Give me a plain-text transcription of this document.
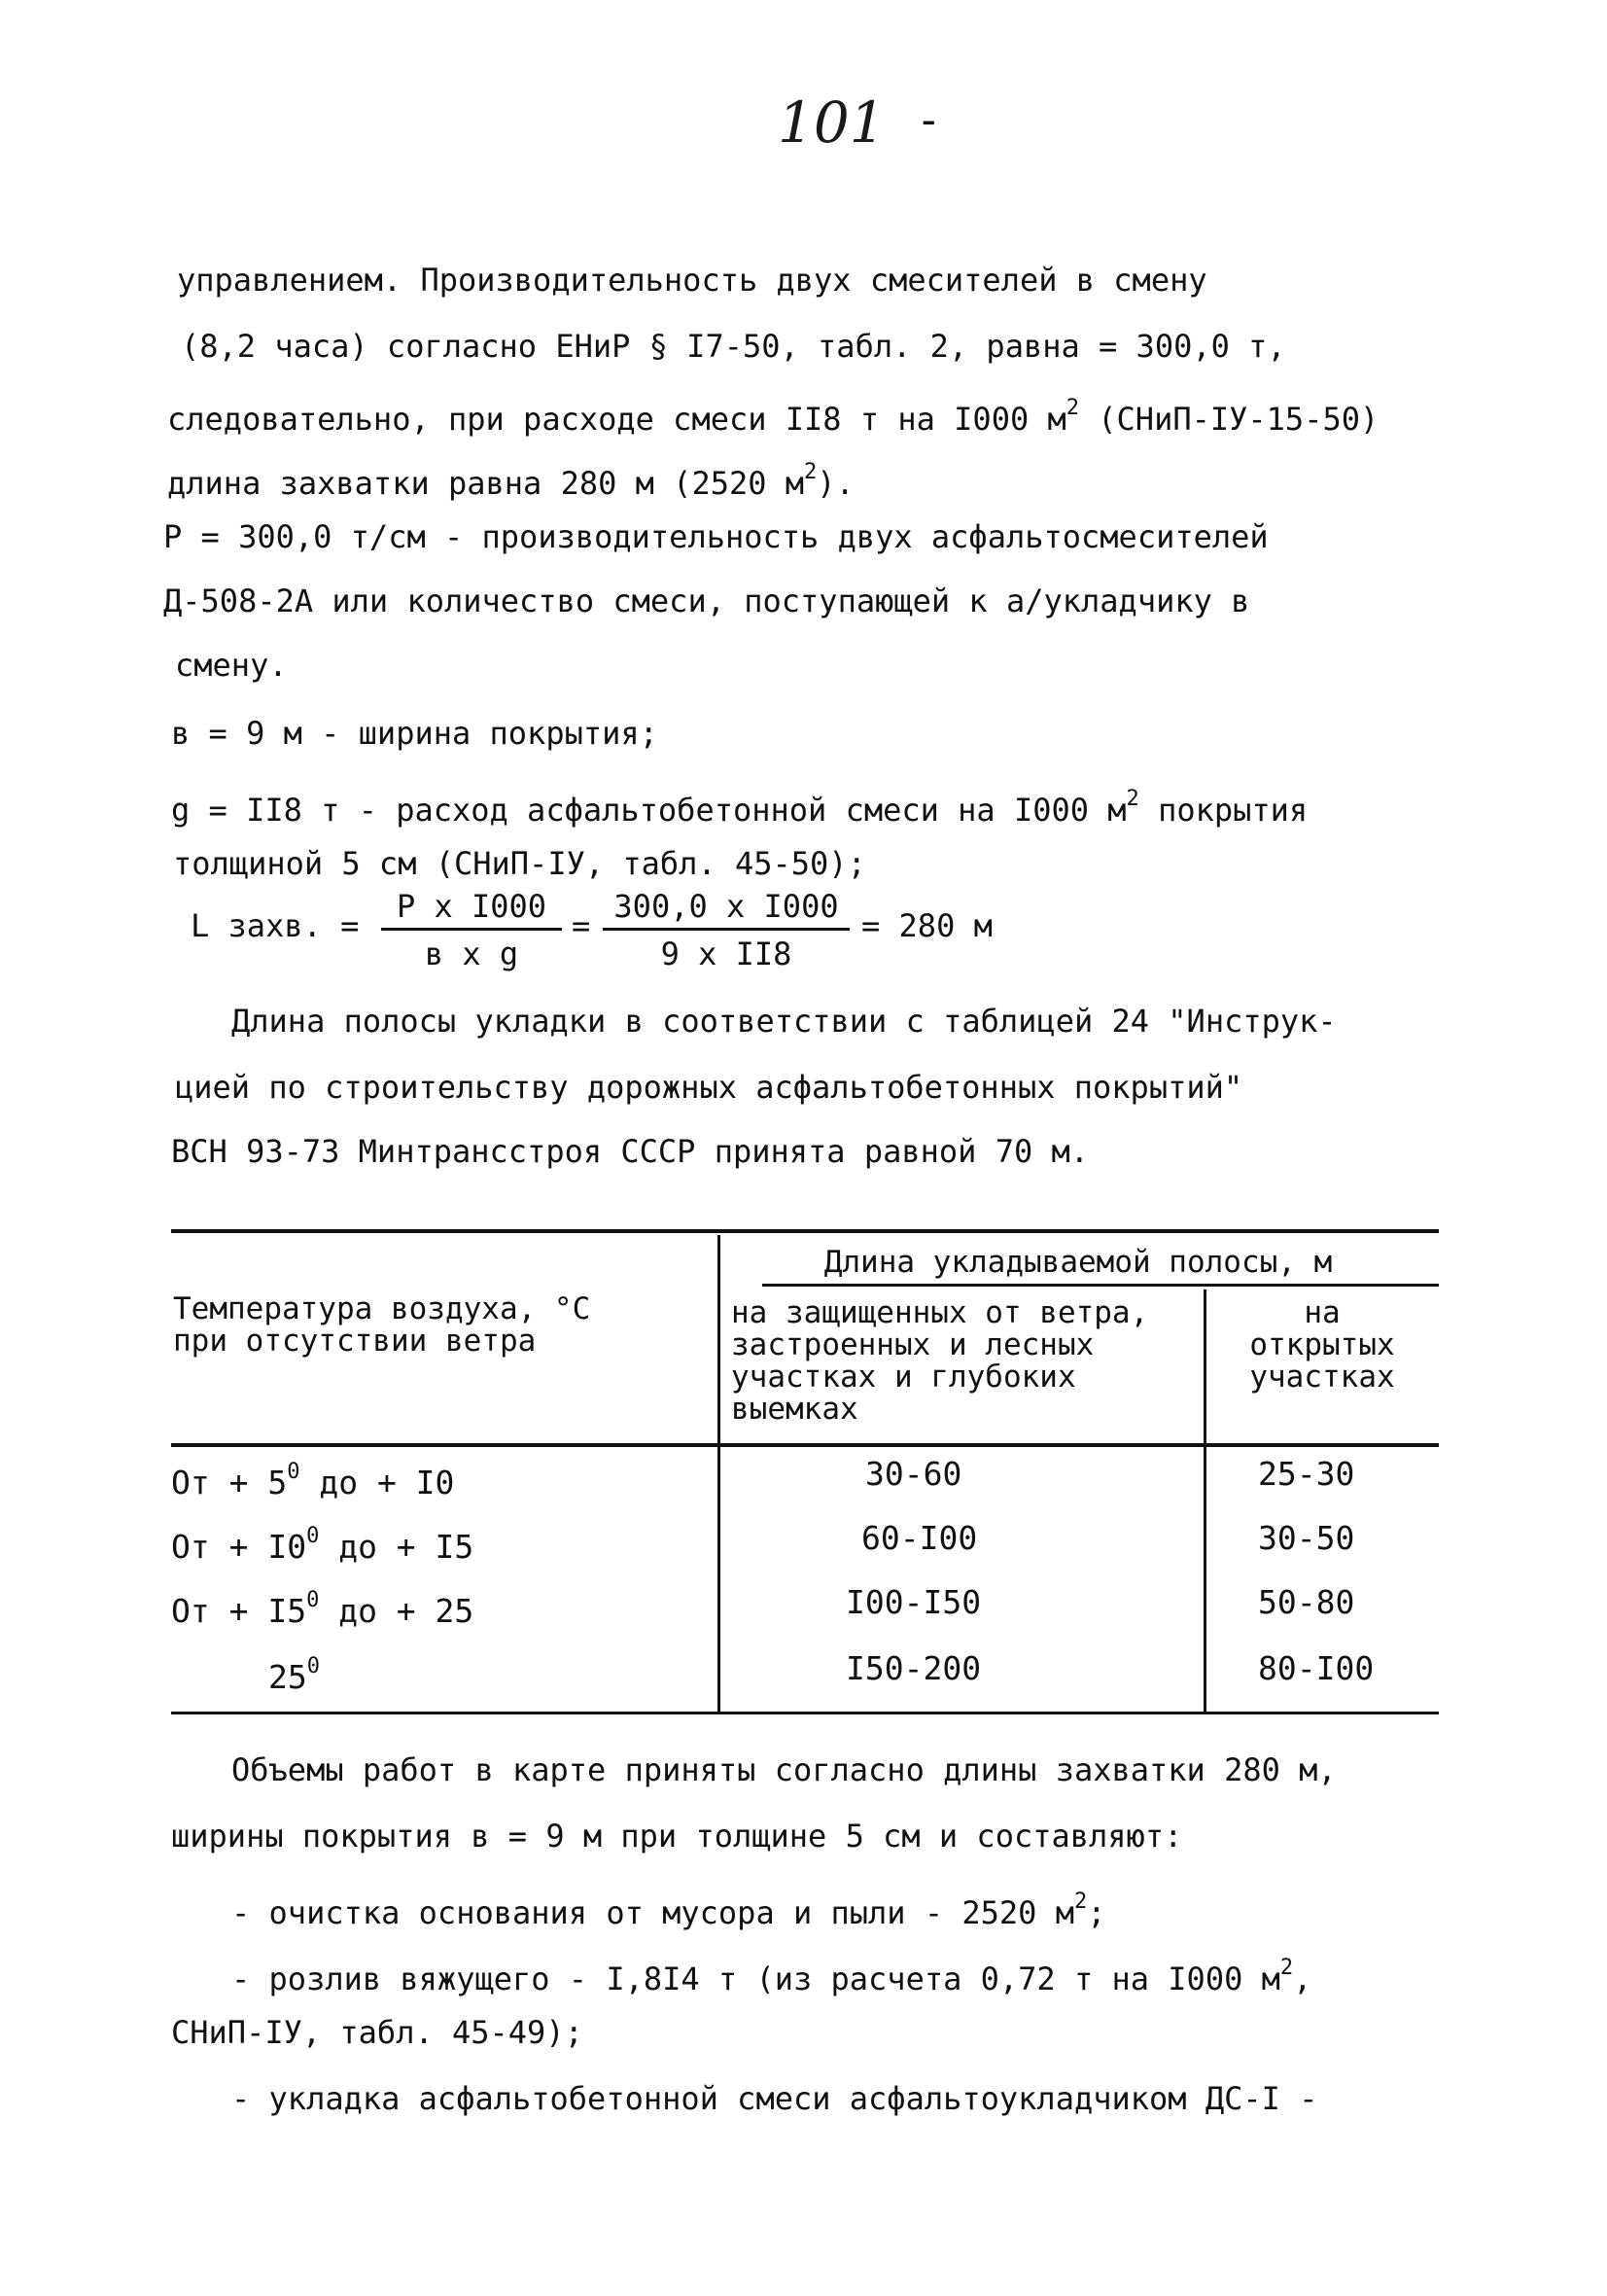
101 -
управлением. Производительность двух смесителей в смену
(8,2 часа) согласно ЕНиР § I7-50, табл. 2, равна = 300,0 т,
следовательно, при расходе смеси II8 т на I000 $м^2$ (СНиП-IУ-15-50)
длина захватки равна 280 м (2520 $м^2$).
Р = 300,0 т/см - производительность двух асфальтосмесителей
Д-508-2А или количество смеси, поступающей к а/укладчику в
смену.
в = 9 м - ширина покрытия;
g = II8 т - расход асфальтобетонной смеси на I000 $м^2$ покрытия
толщиной 5 см (СНиП-IУ, табл. 45-50);
L захв. =
Р х I000
в х g
=
300,0 х I000
9 х II8
= 280 м
Длина полосы укладки в соответствии с таблицей 24 "Инструк-
цией по строительству дорожных асфальтобетонных покрытий"
ВСН 93-73 Минтрансстроя СССР принята равной 70 м.
Температура воздуха, °С
при отсутствии ветра
Длина укладываемой полосы, м
на защищенных от ветра,
застроенных и лесных
участках и глубоких
выемках
на
открытых
участках
От + $5^0$ до + I0	30-60	25-30
От + $I0^0$ до + I5	60-I00	30-50
От + $I5^0$ до + 25	I00-I50	50-80
$25^0$	I50-200	80-I00
Объемы работ в карте приняты согласно длины захватки 280 м,
ширины покрытия в = 9 м при толщине 5 см и составляют:
- очистка основания от мусора и пыли - 2520 $м^2$;
- розлив вяжущего - I,8I4 т (из расчета 0,72 т на I000 $м^2$,
СНиП-IУ, табл. 45-49);
- укладка асфальтобетонной смеси асфальтоукладчиком ДС-I -
